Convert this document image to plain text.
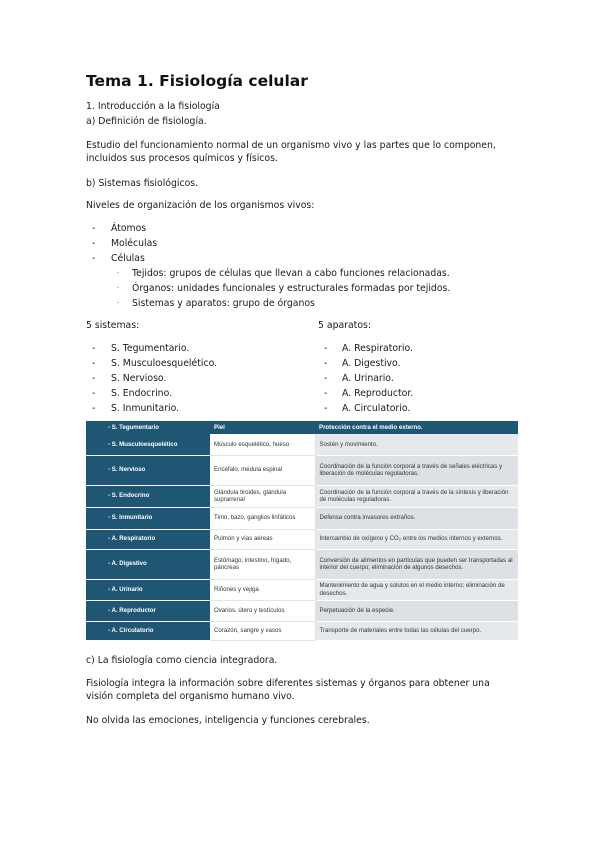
Tema 1. Fisiología celular
1. Introducción a la fisiología
a) Definición de fisiología.
Estudio del funcionamiento normal de un organismo vivo y las partes que lo componen, incluidos sus procesos químicos y físicos.
b) Sistemas fisiológicos.
Niveles de organización de los organismos vivos:
- Átomos
- Moléculas
- Células
· Tejidos: grupos de células que llevan a cabo funciones relacionadas.
· Órganos: unidades funcionales y estructurales formadas por tejidos.
· Sistemas y aparatos: grupo de órganos
5 sistemas:	5 aparatos:
- S. Tegumentario.
- S. Musculoesquelético.
- S. Nervioso.
- S. Endocrino.
- S. Inmunitario.
- A. Respiratorio.
- A. Digestivo.
- A. Urinario.
- A. Reproductor.
- A. Circulatorio.
- S. Tegumentario	Piel	Protección contra el medio externo.
- S. Musculoesquelético	Músculo esquelético, hueso	Sostén y movimiento.
- S. Nervioso	Encéfalo, médula espinal	Coordinación de la función corporal a través de señales eléctricas y liberación de moléculas reguladoras.
- S. Endocrino	Glándula tiroides, glándula suprarrenal	Coordinación de la función corporal a través de la síntesis y liberación de moléculas reguladoras.
- S. Inmunitario	Timo, bazo, ganglios linfáticos	Defensa contra invasores extraños.
- A. Respiratorio	Pulmón y vías aéreas	Intercambio de oxígeno y CO₂ entre los medios internos y externos.
- A. Digestivo	Estómago, intestino, hígado, páncreas	Conversión de alimentos en partículas que pueden ser transportadas al interior del cuerpo; eliminación de algunos desechos.
- A. Urinario	Riñones y vejiga	Mantenimiento de agua y solutos en el medio interno; eliminación de desechos.
- A. Reproductor	Ovarios, útero y testículos	Perpetuación de la especie.
- A. Circulatorio	Corazón, sangre y vasos	Transporte de materiales entre todas las células del cuerpo.
c) La fisiología como ciencia integradora.
Fisiología integra la información sobre diferentes sistemas y órganos para obtener una visión completa del organismo humano vivo.
No olvida las emociones, inteligencia y funciones cerebrales.
